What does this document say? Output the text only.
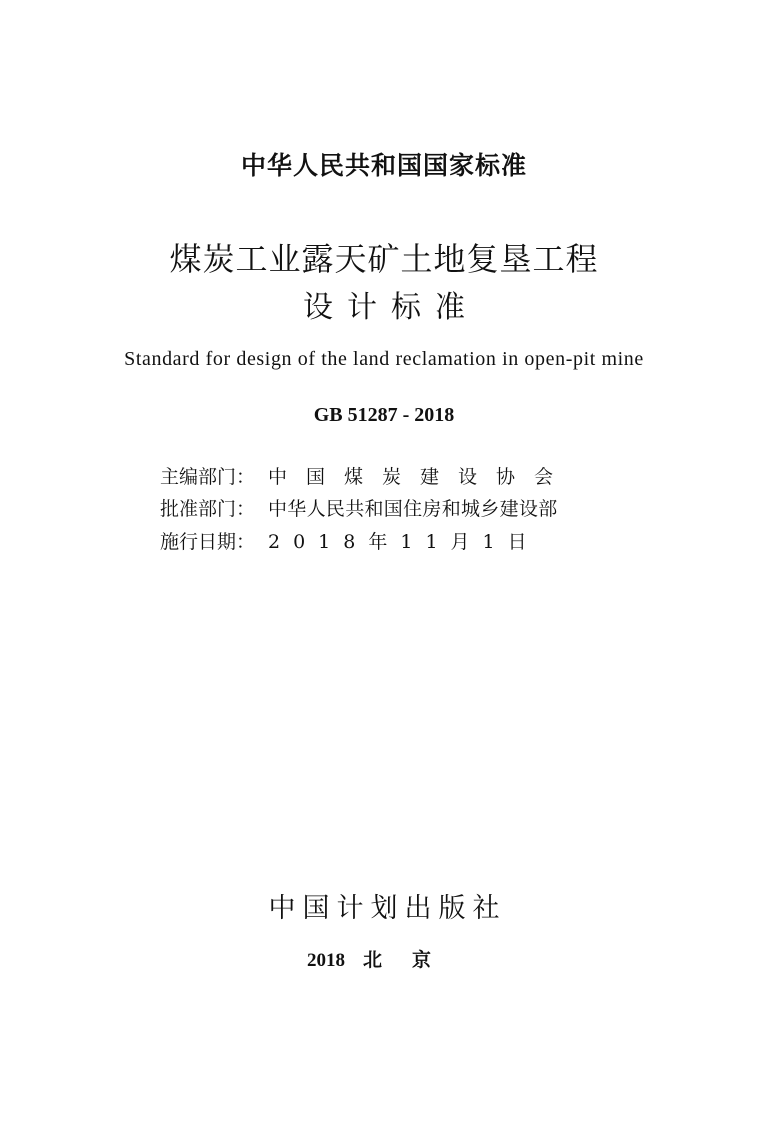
中华人民共和国国家标准
煤炭工业露天矿土地复垦工程
设计标准
Standard for design of the land reclamation in open-pit mine
GB 51287 - 2018
主编部门： 中国煤炭建设协会
批准部门： 中华人民共和国住房和城乡建设部
施行日期： 2018年11月1日
中国计划出版社
2018 北京
